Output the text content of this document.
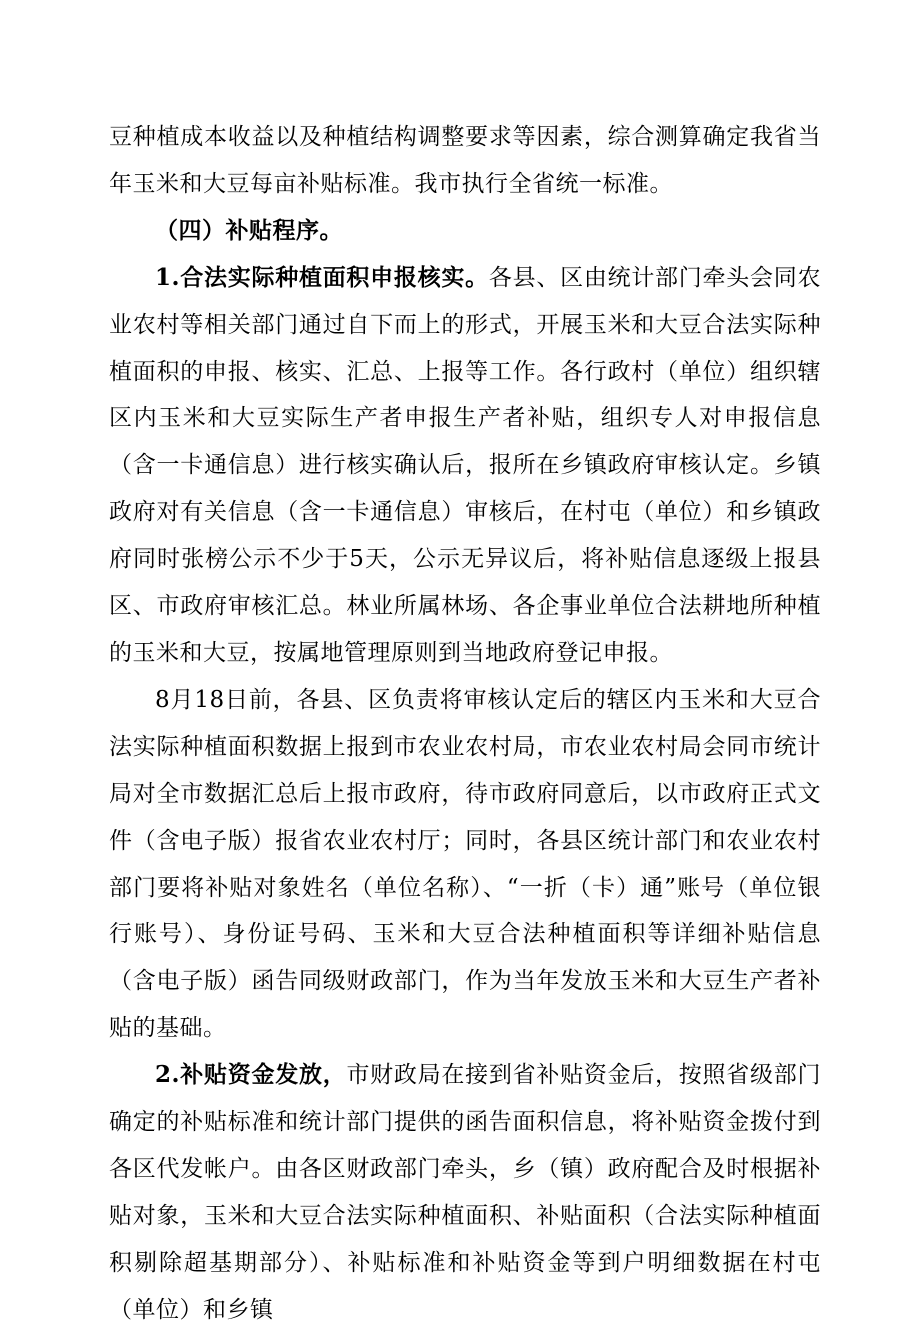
豆种植成本收益以及种植结构调整要求等因素，综合测算确定我省当年玉米和大豆每亩补贴标准。我市执行全省统一标准。

（四）补贴程序。

1.合法实际种植面积申报核实。各县、区由统计部门牵头会同农业农村等相关部门通过自下而上的形式，开展玉米和大豆合法实际种植面积的申报、核实、汇总、上报等工作。各行政村（单位）组织辖区内玉米和大豆实际生产者申报生产者补贴，组织专人对申报信息（含一卡通信息）进行核实确认后，报所在乡镇政府审核认定。乡镇政府对有关信息（含一卡通信息）审核后，在村屯（单位）和乡镇政府同时张榜公示不少于5天，公示无异议后，将补贴信息逐级上报县区、市政府审核汇总。林业所属林场、各企事业单位合法耕地所种植的玉米和大豆，按属地管理原则到当地政府登记申报。

8月18日前，各县、区负责将审核认定后的辖区内玉米和大豆合法实际种植面积数据上报到市农业农村局，市农业农村局会同市统计局对全市数据汇总后上报市政府，待市政府同意后，以市政府正式文件（含电子版）报省农业农村厅；同时，各县区统计部门和农业农村部门要将补贴对象姓名（单位名称）、“一折（卡）通”账号（单位银行账号）、身份证号码、玉米和大豆合法种植面积等详细补贴信息（含电子版）函告同级财政部门，作为当年发放玉米和大豆生产者补贴的基础。

2.补贴资金发放，市财政局在接到省补贴资金后，按照省级部门确定的补贴标准和统计部门提供的函告面积信息，将补贴资金拨付到各区代发帐户。由各区财政部门牵头，乡（镇）政府配合及时根据补贴对象，玉米和大豆合法实际种植面积、补贴面积（合法实际种植面积剔除超基期部分）、补贴标准和补贴资金等到户明细数据在村屯（单位）和乡镇
